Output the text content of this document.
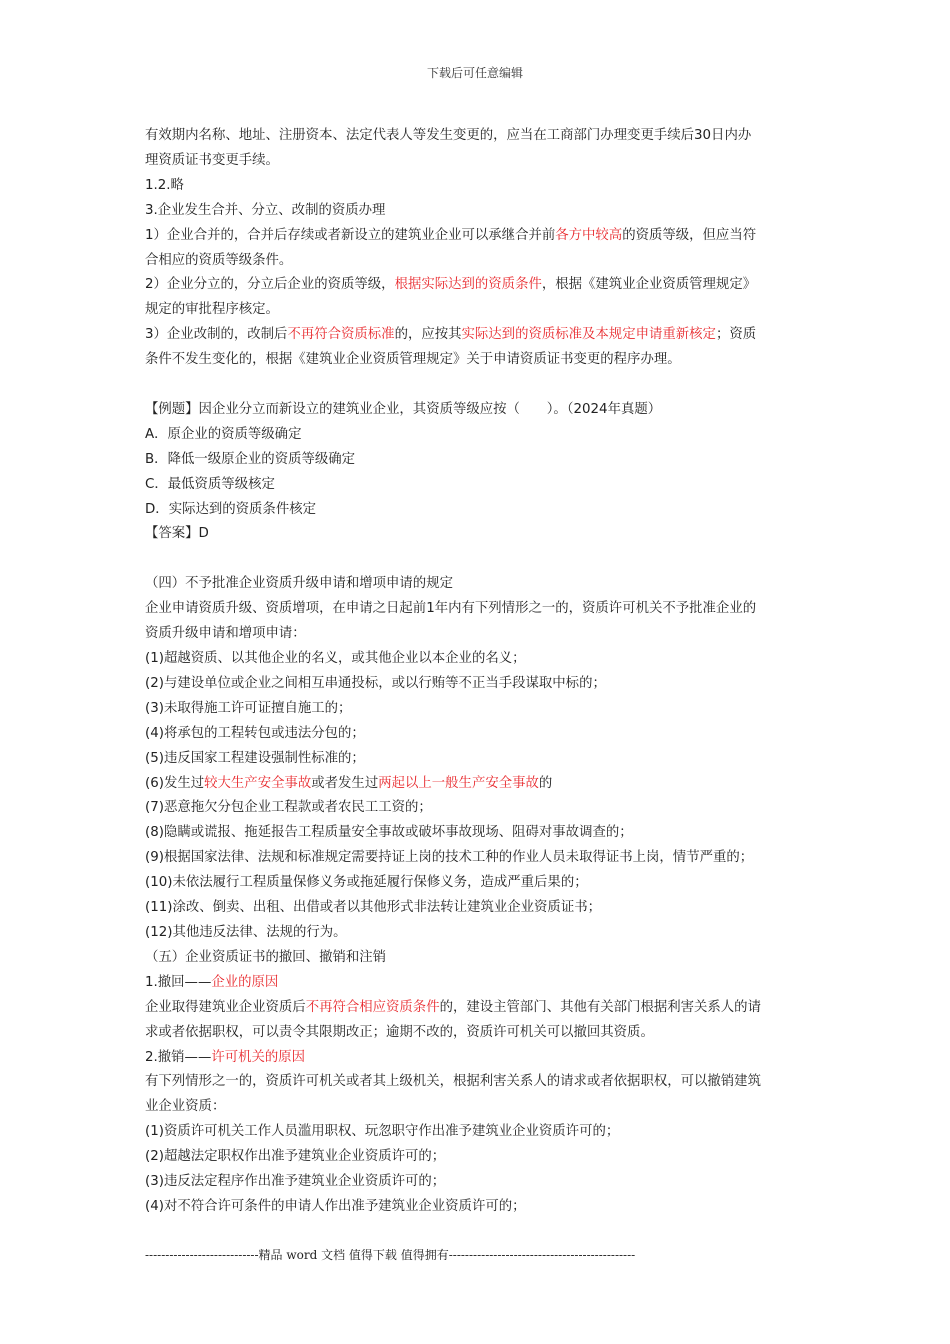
下载后可任意编辑

有效期内名称、地址、注册资本、法定代表人等发生变更的，应当在工商部门办理变更手续后30日内办

理资质证书变更手续。

1.2.略

3.企业发生合并、分立、改制的资质办理

1）企业合并的，合并后存续或者新设立的建筑业企业可以承继合并前各方中较高的资质等级，但应当符

合相应的资质等级条件。

2）企业分立的，分立后企业的资质等级，根据实际达到的资质条件，根据《建筑业企业资质管理规定》

规定的审批程序核定。

3）企业改制的，改制后不再符合资质标准的，应按其实际达到的资质标准及本规定申请重新核定；资质

条件不发生变化的，根据《建筑业企业资质管理规定》关于申请资质证书变更的程序办理。

【例题】因企业分立而新设立的建筑业企业，其资质等级应按（　　）。（2024年真题）

A．原企业的资质等级确定

B．降低一级原企业的资质等级确定

C．最低资质等级核定

D．实际达到的资质条件核定

【答案】D

（四）不予批准企业资质升级申请和增项申请的规定

企业申请资质升级、资质增项，在申请之日起前1年内有下列情形之一的，资质许可机关不予批准企业的

资质升级申请和增项申请：

(1)超越资质、以其他企业的名义，或其他企业以本企业的名义；

(2)与建设单位或企业之间相互串通投标，或以行贿等不正当手段谋取中标的；

(3)未取得施工许可证擅自施工的；

(4)将承包的工程转包或违法分包的；

(5)违反国家工程建设强制性标准的；

(6)发生过较大生产安全事故或者发生过两起以上一般生产安全事故的

(7)恶意拖欠分包企业工程款或者农民工工资的；

(8)隐瞒或谎报、拖延报告工程质量安全事故或破坏事故现场、阻碍对事故调查的；

(9)根据国家法律、法规和标准规定需要持证上岗的技术工种的作业人员未取得证书上岗，情节严重的；

(10)未依法履行工程质量保修义务或拖延履行保修义务，造成严重后果的；

(11)涂改、倒卖、出租、出借或者以其他形式非法转让建筑业企业资质证书；

(12)其他违反法律、法规的行为。

（五）企业资质证书的撤回、撤销和注销

1.撤回——企业的原因

企业取得建筑业企业资质后不再符合相应资质条件的，建设主管部门、其他有关部门根据利害关系人的请

求或者依据职权，可以责令其限期改正；逾期不改的，资质许可机关可以撤回其资质。

2.撤销——许可机关的原因

有下列情形之一的，资质许可机关或者其上级机关，根据利害关系人的请求或者依据职权，可以撤销建筑

业企业资质：

(1)资质许可机关工作人员滥用职权、玩忽职守作出准予建筑业企业资质许可的；

(2)超越法定职权作出准予建筑业企业资质许可的；

(3)违反法定程序作出准予建筑业企业资质许可的；

(4)对不符合许可条件的申请人作出准予建筑业企业资质许可的；

----------------------------精品 word 文档 值得下载 值得拥有----------------------------------------------
